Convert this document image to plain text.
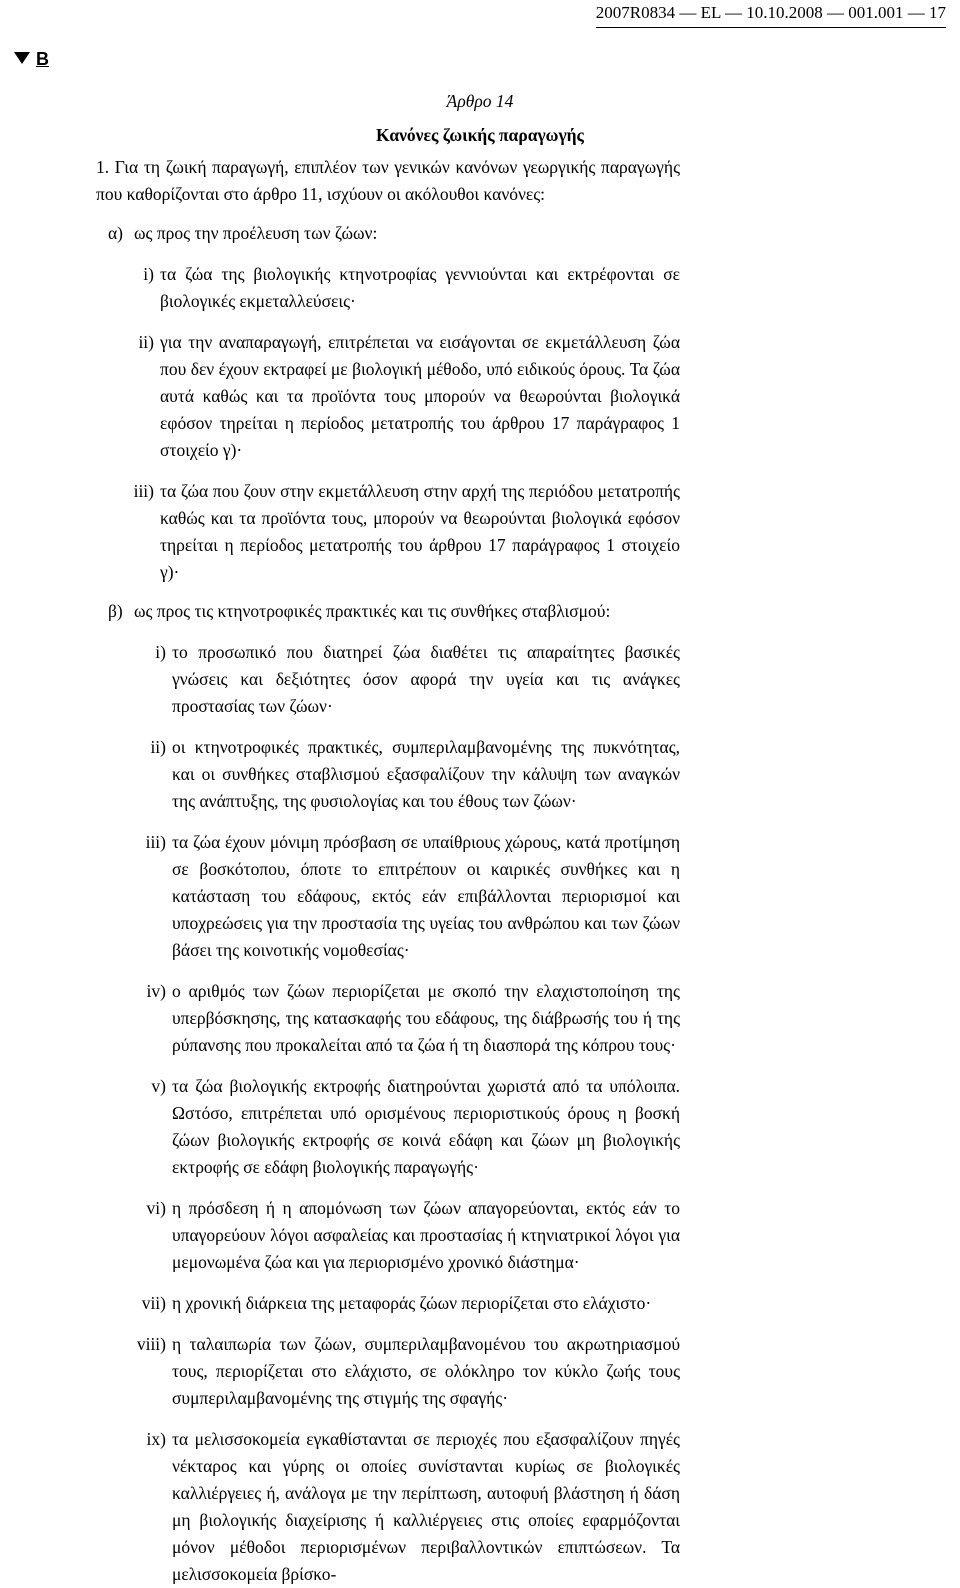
2007R0834 — EL — 10.10.2008 — 001.001 — 17
B
Άρθρο 14
Κανόνες ζωικής παραγωγής

1. Για τη ζωική παραγωγή, επιπλέον των γενικών κανόνων γεωργικής παραγωγής που καθορίζονται στο άρθρο 11, ισχύουν οι ακόλουθοι κανόνες:

α) ως προς την προέλευση των ζώων:
i) τα ζώα της βιολογικής κτηνοτροφίας γεννιούνται και εκτρέφονται σε βιολογικές εκμεταλλεύσεις·
ii) για την αναπαραγωγή, επιτρέπεται να εισάγονται σε εκμετάλλευση ζώα που δεν έχουν εκτραφεί με βιολογική μέθοδο, υπό ειδικούς όρους. Τα ζώα αυτά καθώς και τα προϊόντα τους μπορούν να θεωρούνται βιολογικά εφόσον τηρείται η περίοδος μετατροπής του άρθρου 17 παράγραφος 1 στοιχείο γ)·
iii) τα ζώα που ζουν στην εκμετάλλευση στην αρχή της περιόδου μετατροπής καθώς και τα προϊόντα τους, μπορούν να θεωρούνται βιολογικά εφόσον τηρείται η περίοδος μετατροπής του άρθρου 17 παράγραφος 1 στοιχείο γ)·
β) ως προς τις κτηνοτροφικές πρακτικές και τις συνθήκες σταβλισμού:
i) το προσωπικό που διατηρεί ζώα διαθέτει τις απαραίτητες βασικές γνώσεις και δεξιότητες όσον αφορά την υγεία και τις ανάγκες προστασίας των ζώων·
ii) οι κτηνοτροφικές πρακτικές, συμπεριλαμβανομένης της πυκνότητας, και οι συνθήκες σταβλισμού εξασφαλίζουν την κάλυψη των αναγκών της ανάπτυξης, της φυσιολογίας και του έθους των ζώων·
iii) τα ζώα έχουν μόνιμη πρόσβαση σε υπαίθριους χώρους, κατά προτίμηση σε βοσκότοπου, όποτε το επιτρέπουν οι καιρικές συνθήκες και η κατάσταση του εδάφους, εκτός εάν επιβάλλονται περιορισμοί και υποχρεώσεις για την προστασία της υγείας του ανθρώπου και των ζώων βάσει της κοινοτικής νομοθεσίας·
iv) ο αριθμός των ζώων περιορίζεται με σκοπό την ελαχιστοποίηση της υπερβόσκησης, της κατασκαφής του εδάφους, της διάβρωσής του ή της ρύπανσης που προκαλείται από τα ζώα ή τη διασπορά της κόπρου τους·
v) τα ζώα βιολογικής εκτροφής διατηρούνται χωριστά από τα υπόλοιπα. Ωστόσο, επιτρέπεται υπό ορισμένους περιοριστικούς όρους η βοσκή ζώων βιολογικής εκτροφής σε κοινά εδάφη και ζώων μη βιολογικής εκτροφής σε εδάφη βιολογικής παραγωγής·
vi) η πρόσδεση ή η απομόνωση των ζώων απαγορεύονται, εκτός εάν το υπαγορεύουν λόγοι ασφαλείας και προστασίας ή κτηνιατρικοί λόγοι για μεμονωμένα ζώα και για περιορισμένο χρονικό διάστημα·
vii) η χρονική διάρκεια της μεταφοράς ζώων περιορίζεται στο ελάχιστο·
viii) η ταλαιπωρία των ζώων, συμπεριλαμβανομένου του ακρωτηριασμού τους, περιορίζεται στο ελάχιστο, σε ολόκληρο τον κύκλο ζωής τους συμπεριλαμβανομένης της στιγμής της σφαγής·
ix) τα μελισσοκομεία εγκαθίστανται σε περιοχές που εξασφαλίζουν πηγές νέκταρος και γύρης οι οποίες συνίστανται κυρίως σε βιολογικές καλλιέργειες ή, ανάλογα με την περίπτωση, αυτοφυή βλάστηση ή δάση μη βιολογικής διαχείρισης ή καλλιέργειες στις οποίες εφαρμόζονται μόνον μέθοδοι περιορισμένων περιβαλλοντικών επιπτώσεων. Τα μελισσοκομεία βρίσκο-
